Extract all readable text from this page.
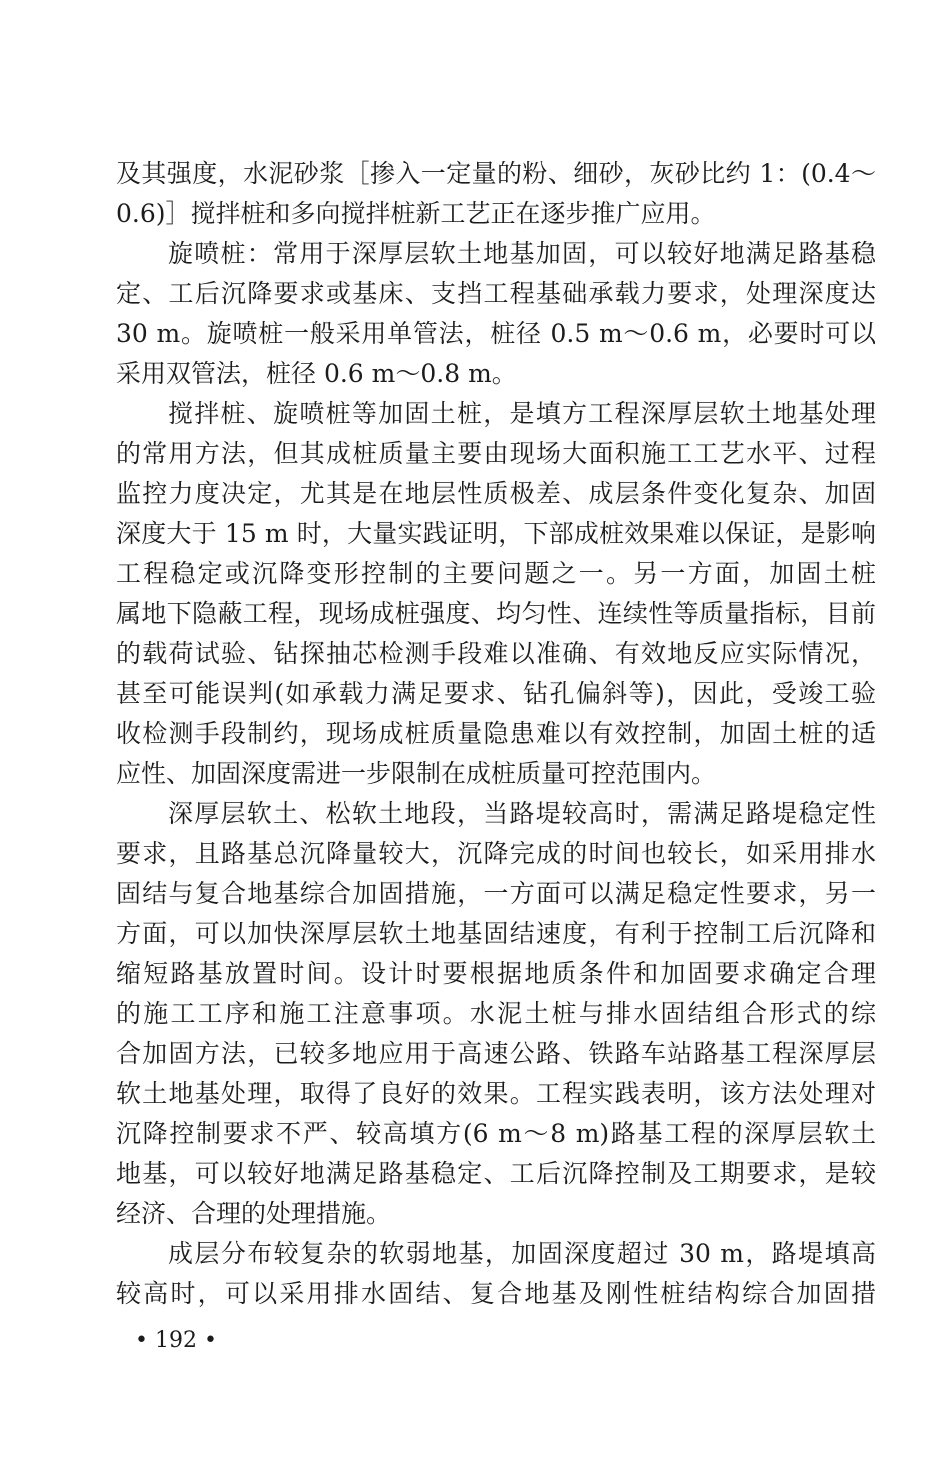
及其强度，水泥砂浆［掺入一定量的粉、细砂，灰砂比约 1：(0.4～
0.6)］搅拌桩和多向搅拌桩新工艺正在逐步推广应用。
旋喷桩：常用于深厚层软土地基加固，可以较好地满足路基稳
定、工后沉降要求或基床、支挡工程基础承载力要求，处理深度达
30 m。旋喷桩一般采用单管法，桩径 0.5 m～0.6 m，必要时可以
采用双管法，桩径 0.6 m～0.8 m。
搅拌桩、旋喷桩等加固土桩，是填方工程深厚层软土地基处理
的常用方法，但其成桩质量主要由现场大面积施工工艺水平、过程
监控力度决定，尤其是在地层性质极差、成层条件变化复杂、加固
深度大于 15 m 时，大量实践证明，下部成桩效果难以保证，是影响
工程稳定或沉降变形控制的主要问题之一。另一方面，加固土桩
属地下隐蔽工程，现场成桩强度、均匀性、连续性等质量指标，目前
的载荷试验、钻探抽芯检测手段难以准确、有效地反应实际情况，
甚至可能误判(如承载力满足要求、钻孔偏斜等)，因此，受竣工验
收检测手段制约，现场成桩质量隐患难以有效控制，加固土桩的适
应性、加固深度需进一步限制在成桩质量可控范围内。
深厚层软土、松软土地段，当路堤较高时，需满足路堤稳定性
要求，且路基总沉降量较大，沉降完成的时间也较长，如采用排水
固结与复合地基综合加固措施，一方面可以满足稳定性要求，另一
方面，可以加快深厚层软土地基固结速度，有利于控制工后沉降和
缩短路基放置时间。设计时要根据地质条件和加固要求确定合理
的施工工序和施工注意事项。水泥土桩与排水固结组合形式的综
合加固方法，已较多地应用于高速公路、铁路车站路基工程深厚层
软土地基处理，取得了良好的效果。工程实践表明，该方法处理对
沉降控制要求不严、较高填方(6 m～8 m)路基工程的深厚层软土
地基，可以较好地满足路基稳定、工后沉降控制及工期要求，是较
经济、合理的处理措施。
成层分布较复杂的软弱地基，加固深度超过 30 m，路堤填高
较高时，可以采用排水固结、复合地基及刚性桩结构综合加固措
• 192 •
